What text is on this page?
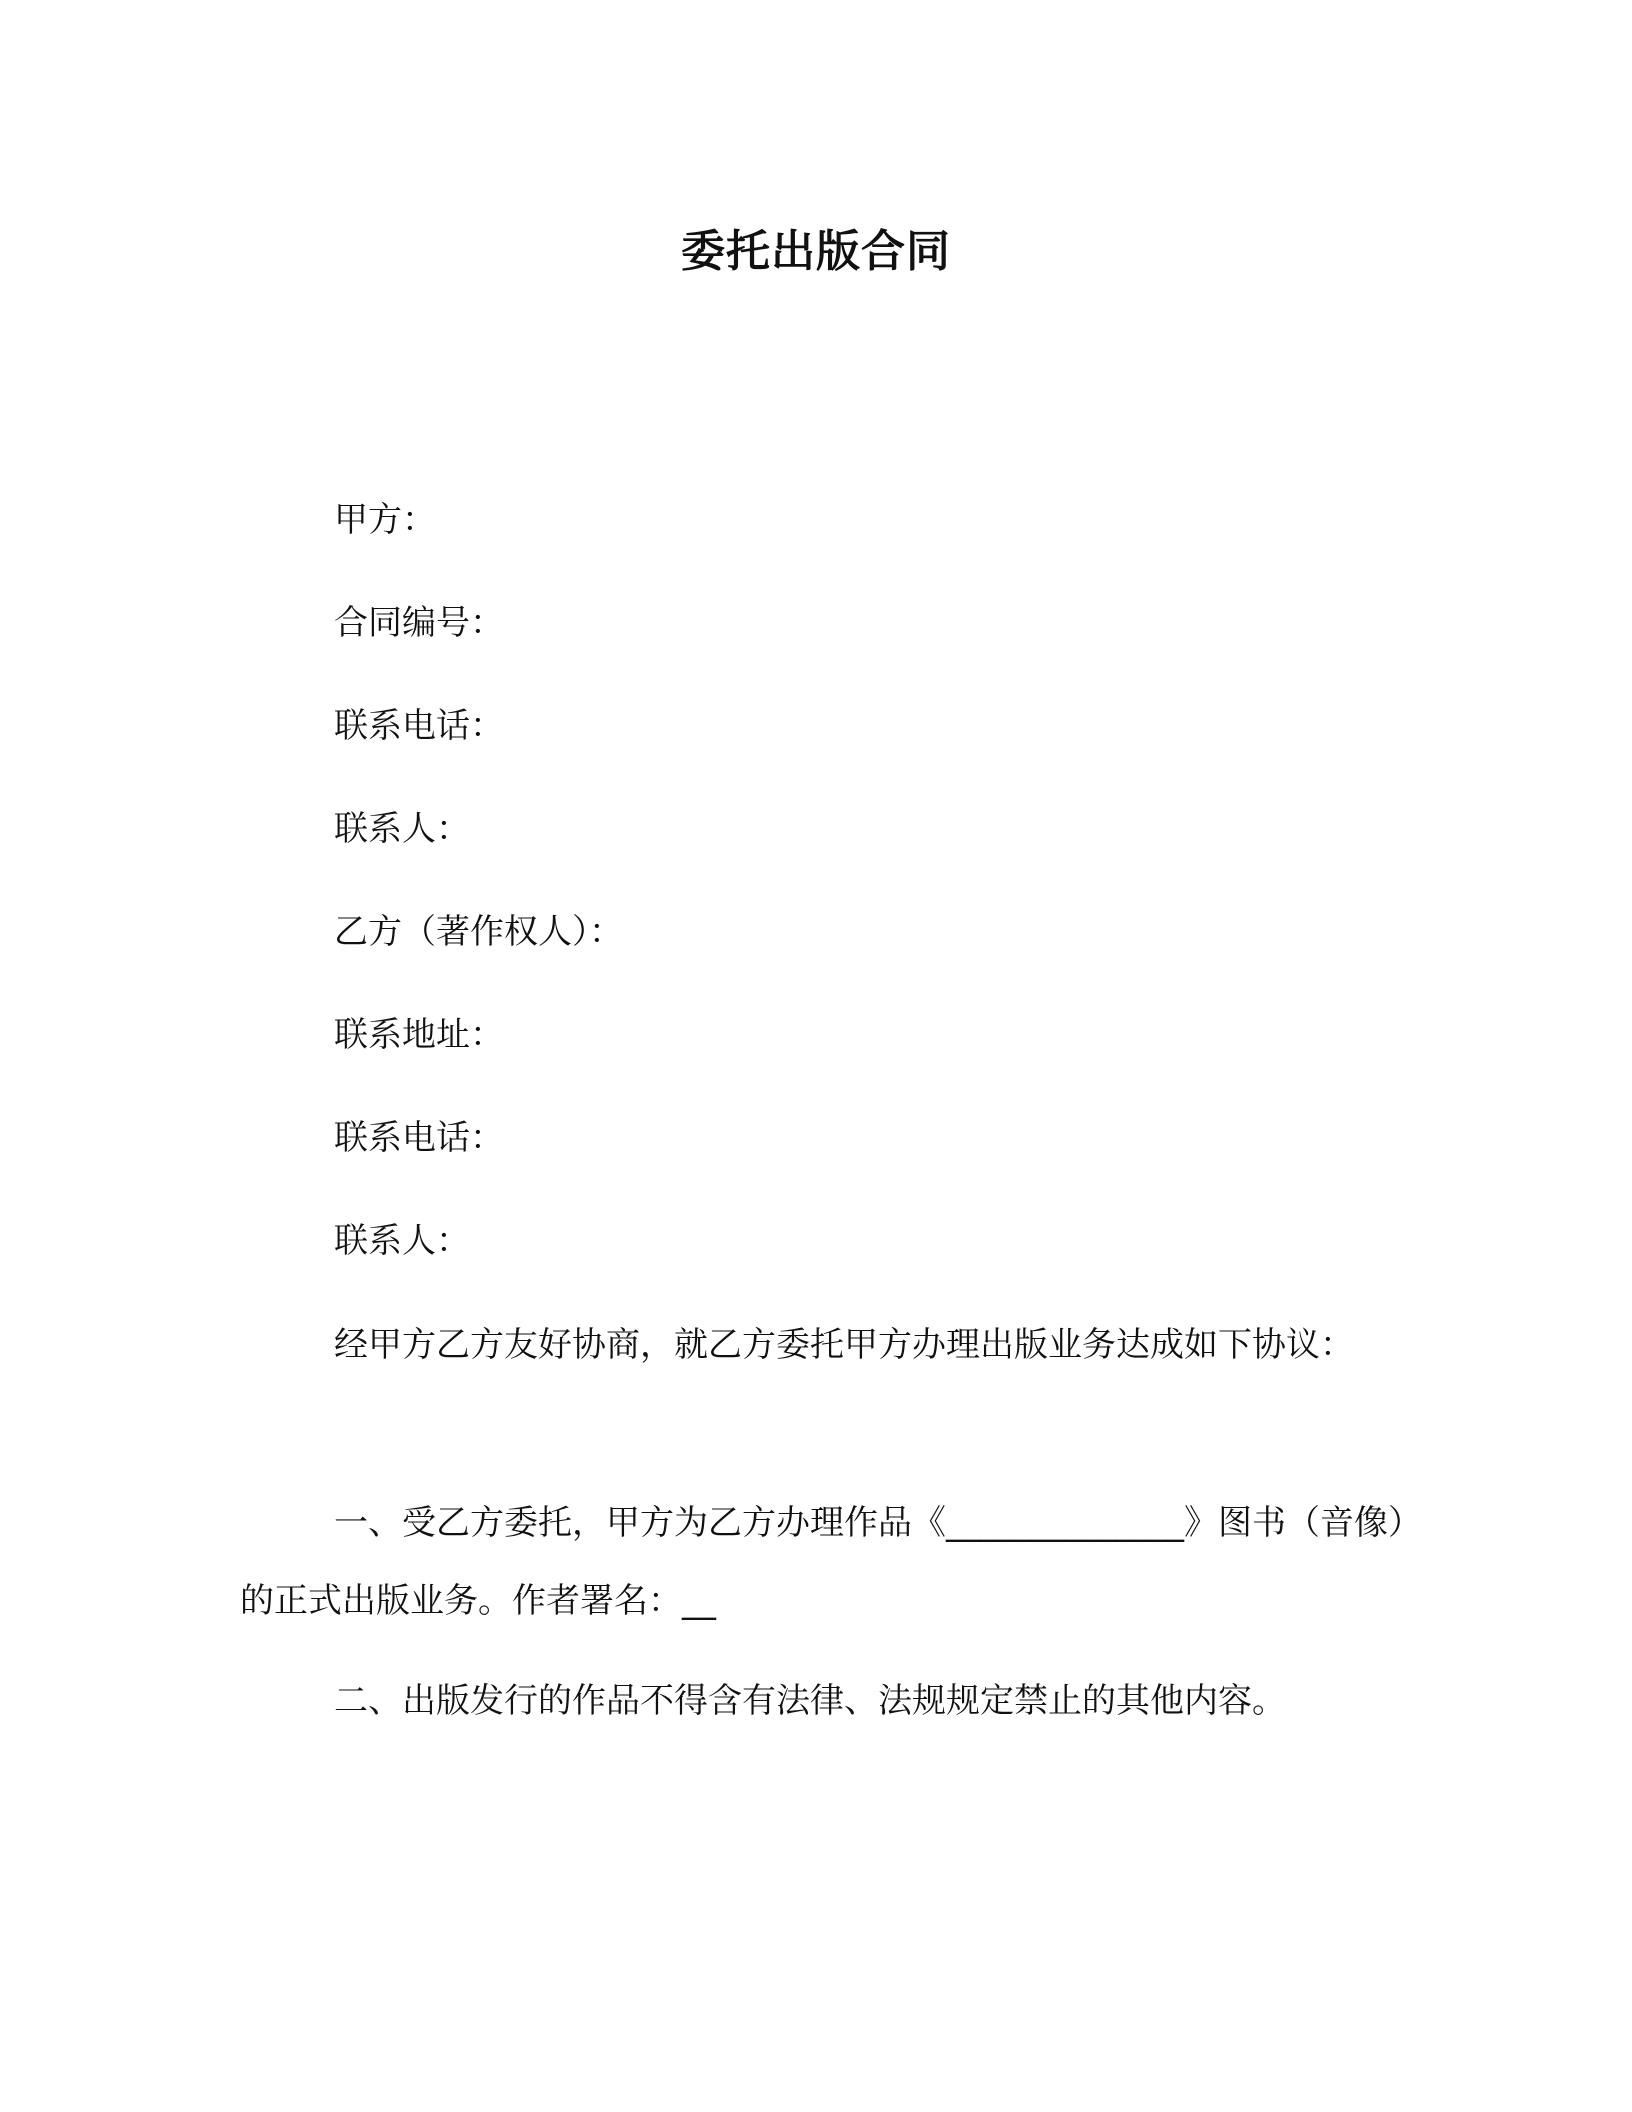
委托出版合同
甲方：
合同编号：
联系电话：
联系人：
乙方（著作权人）：
联系地址：
联系电话：
联系人：
经甲方乙方友好协商，就乙方委托甲方办理出版业务达成如下协议：
一、受乙方委托，甲方为乙方办理作品《______________》图书（音像）的正式出版业务。作者署名：__
二、出版发行的作品不得含有法律、法规规定禁止的其他内容。
